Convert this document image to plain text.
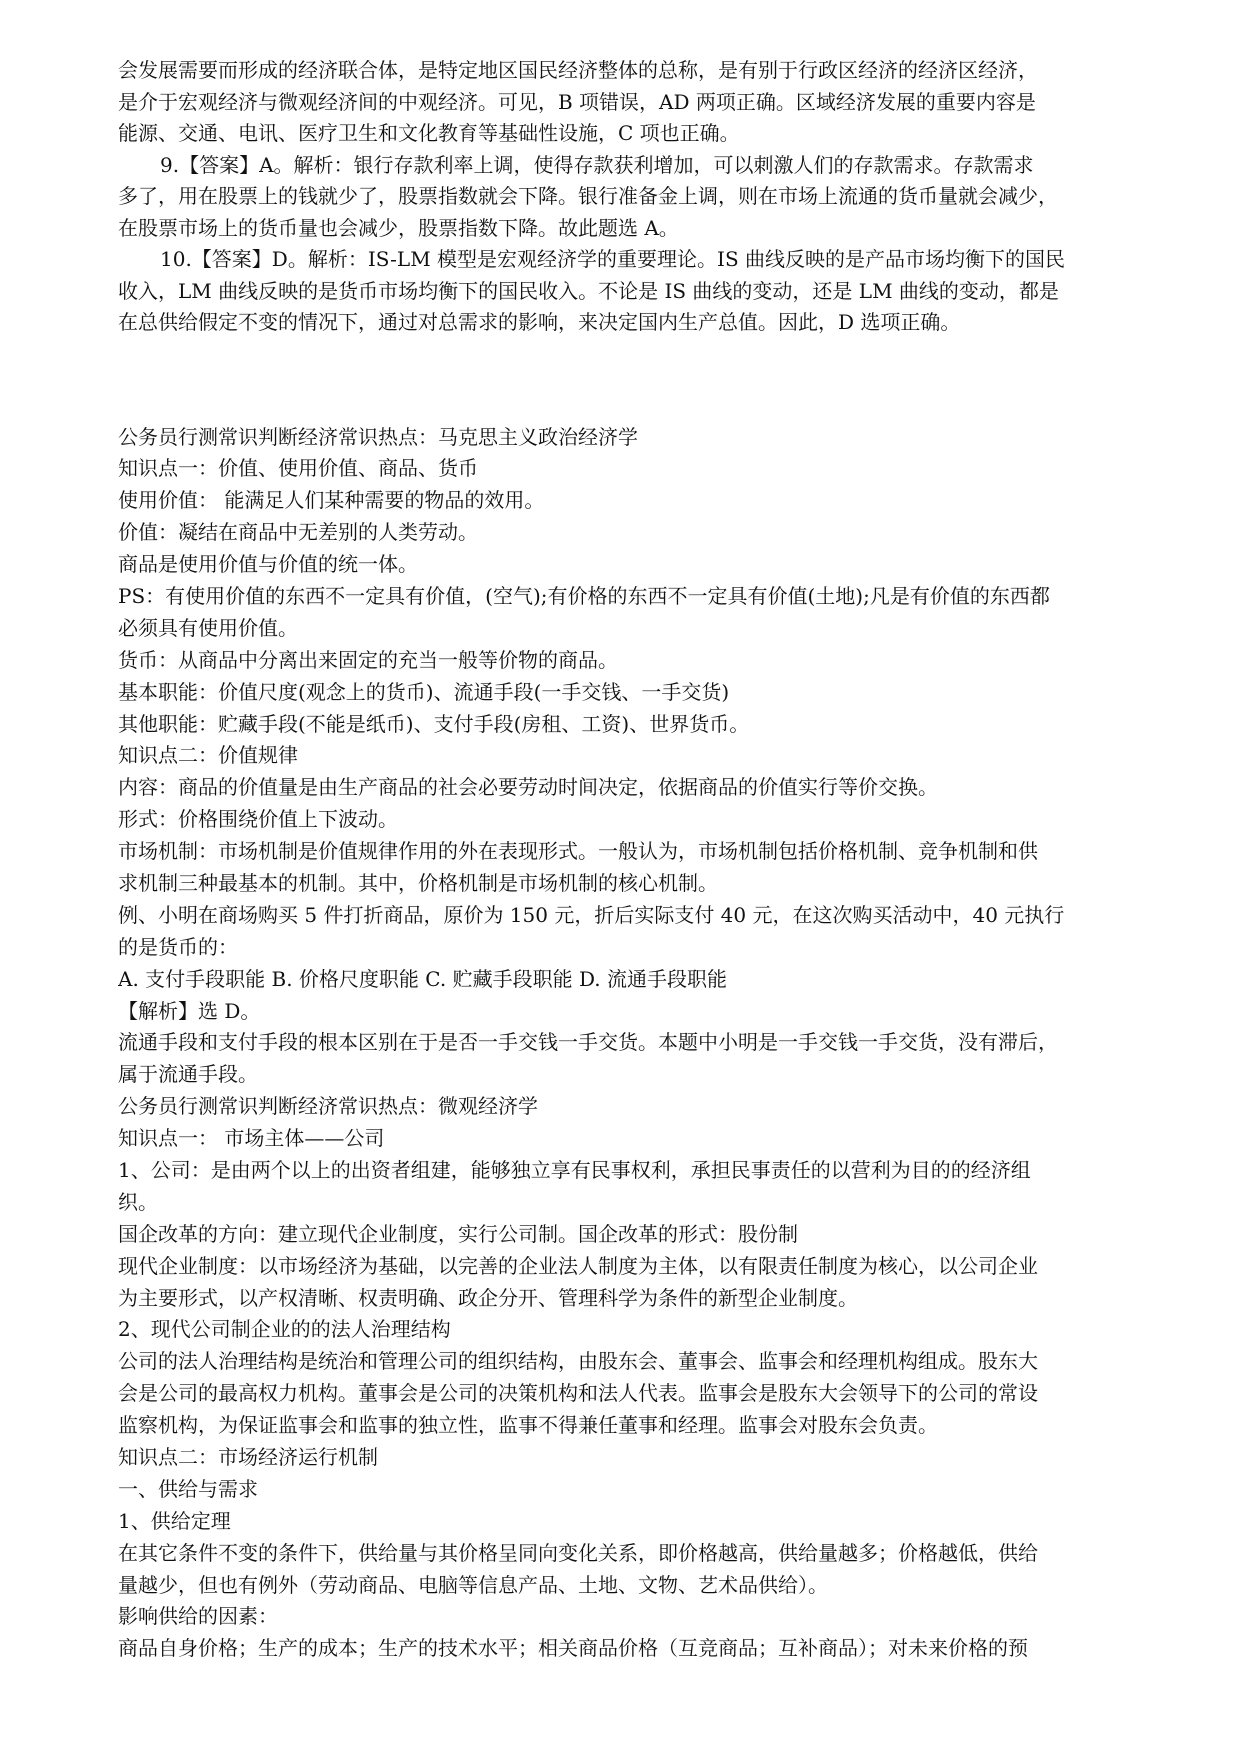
会发展需要而形成的经济联合体，是特定地区国民经济整体的总称，是有别于行政区经济的经济区经济，
是介于宏观经济与微观经济间的中观经济。可见，B 项错误，AD 两项正确。区域经济发展的重要内容是
能源、交通、电讯、医疗卫生和文化教育等基础性设施，C 项也正确。
9.【答案】A。解析：银行存款利率上调，使得存款获利增加，可以刺激人们的存款需求。存款需求
多了，用在股票上的钱就少了，股票指数就会下降。银行准备金上调，则在市场上流通的货币量就会减少，
在股票市场上的货币量也会减少，股票指数下降。故此题选 A。
10.【答案】D。解析：IS-LM 模型是宏观经济学的重要理论。IS 曲线反映的是产品市场均衡下的国民
收入，LM 曲线反映的是货币市场均衡下的国民收入。不论是 IS 曲线的变动，还是 LM 曲线的变动，都是
在总供给假定不变的情况下，通过对总需求的影响，来决定国内生产总值。因此，D 选项正确。
公务员行测常识判断经济常识热点：马克思主义政治经济学
知识点一：价值、使用价值、商品、货币
使用价值： 能满足人们某种需要的物品的效用。
价值：凝结在商品中无差别的人类劳动。
商品是使用价值与价值的统一体。
PS：有使用价值的东西不一定具有价值，(空气);有价格的东西不一定具有价值(土地);凡是有价值的东西都
必须具有使用价值。
货币：从商品中分离出来固定的充当一般等价物的商品。
基本职能：价值尺度(观念上的货币)、流通手段(一手交钱、一手交货)
其他职能：贮藏手段(不能是纸币)、支付手段(房租、工资)、世界货币。
知识点二：价值规律
内容：商品的价值量是由生产商品的社会必要劳动时间决定，依据商品的价值实行等价交换。
形式：价格围绕价值上下波动。
市场机制：市场机制是价值规律作用的外在表现形式。一般认为，市场机制包括价格机制、竞争机制和供
求机制三种最基本的机制。其中，价格机制是市场机制的核心机制。
例、小明在商场购买 5 件打折商品，原价为 150 元，折后实际支付 40 元，在这次购买活动中，40 元执行
的是货币的：
A. 支付手段职能 B. 价格尺度职能 C. 贮藏手段职能 D. 流通手段职能
【解析】选 D。
流通手段和支付手段的根本区别在于是否一手交钱一手交货。本题中小明是一手交钱一手交货，没有滞后，
属于流通手段。
公务员行测常识判断经济常识热点：微观经济学
知识点一： 市场主体——公司
1、公司：是由两个以上的出资者组建，能够独立享有民事权利，承担民事责任的以营利为目的的经济组
织。
国企改革的方向：建立现代企业制度，实行公司制。国企改革的形式：股份制
现代企业制度：以市场经济为基础，以完善的企业法人制度为主体，以有限责任制度为核心，以公司企业
为主要形式，以产权清晰、权责明确、政企分开、管理科学为条件的新型企业制度。
2、现代公司制企业的的法人治理结构
公司的法人治理结构是统治和管理公司的组织结构，由股东会、董事会、监事会和经理机构组成。股东大
会是公司的最高权力机构。董事会是公司的决策机构和法人代表。监事会是股东大会领导下的公司的常设
监察机构，为保证监事会和监事的独立性，监事不得兼任董事和经理。监事会对股东会负责。
知识点二：市场经济运行机制
一、供给与需求
1、供给定理
在其它条件不变的条件下，供给量与其价格呈同向变化关系，即价格越高，供给量越多；价格越低，供给
量越少，但也有例外（劳动商品、电脑等信息产品、土地、文物、艺术品供给）。
影响供给的因素：
商品自身价格；生产的成本；生产的技术水平；相关商品价格（互竞商品；互补商品）；对未来价格的预
